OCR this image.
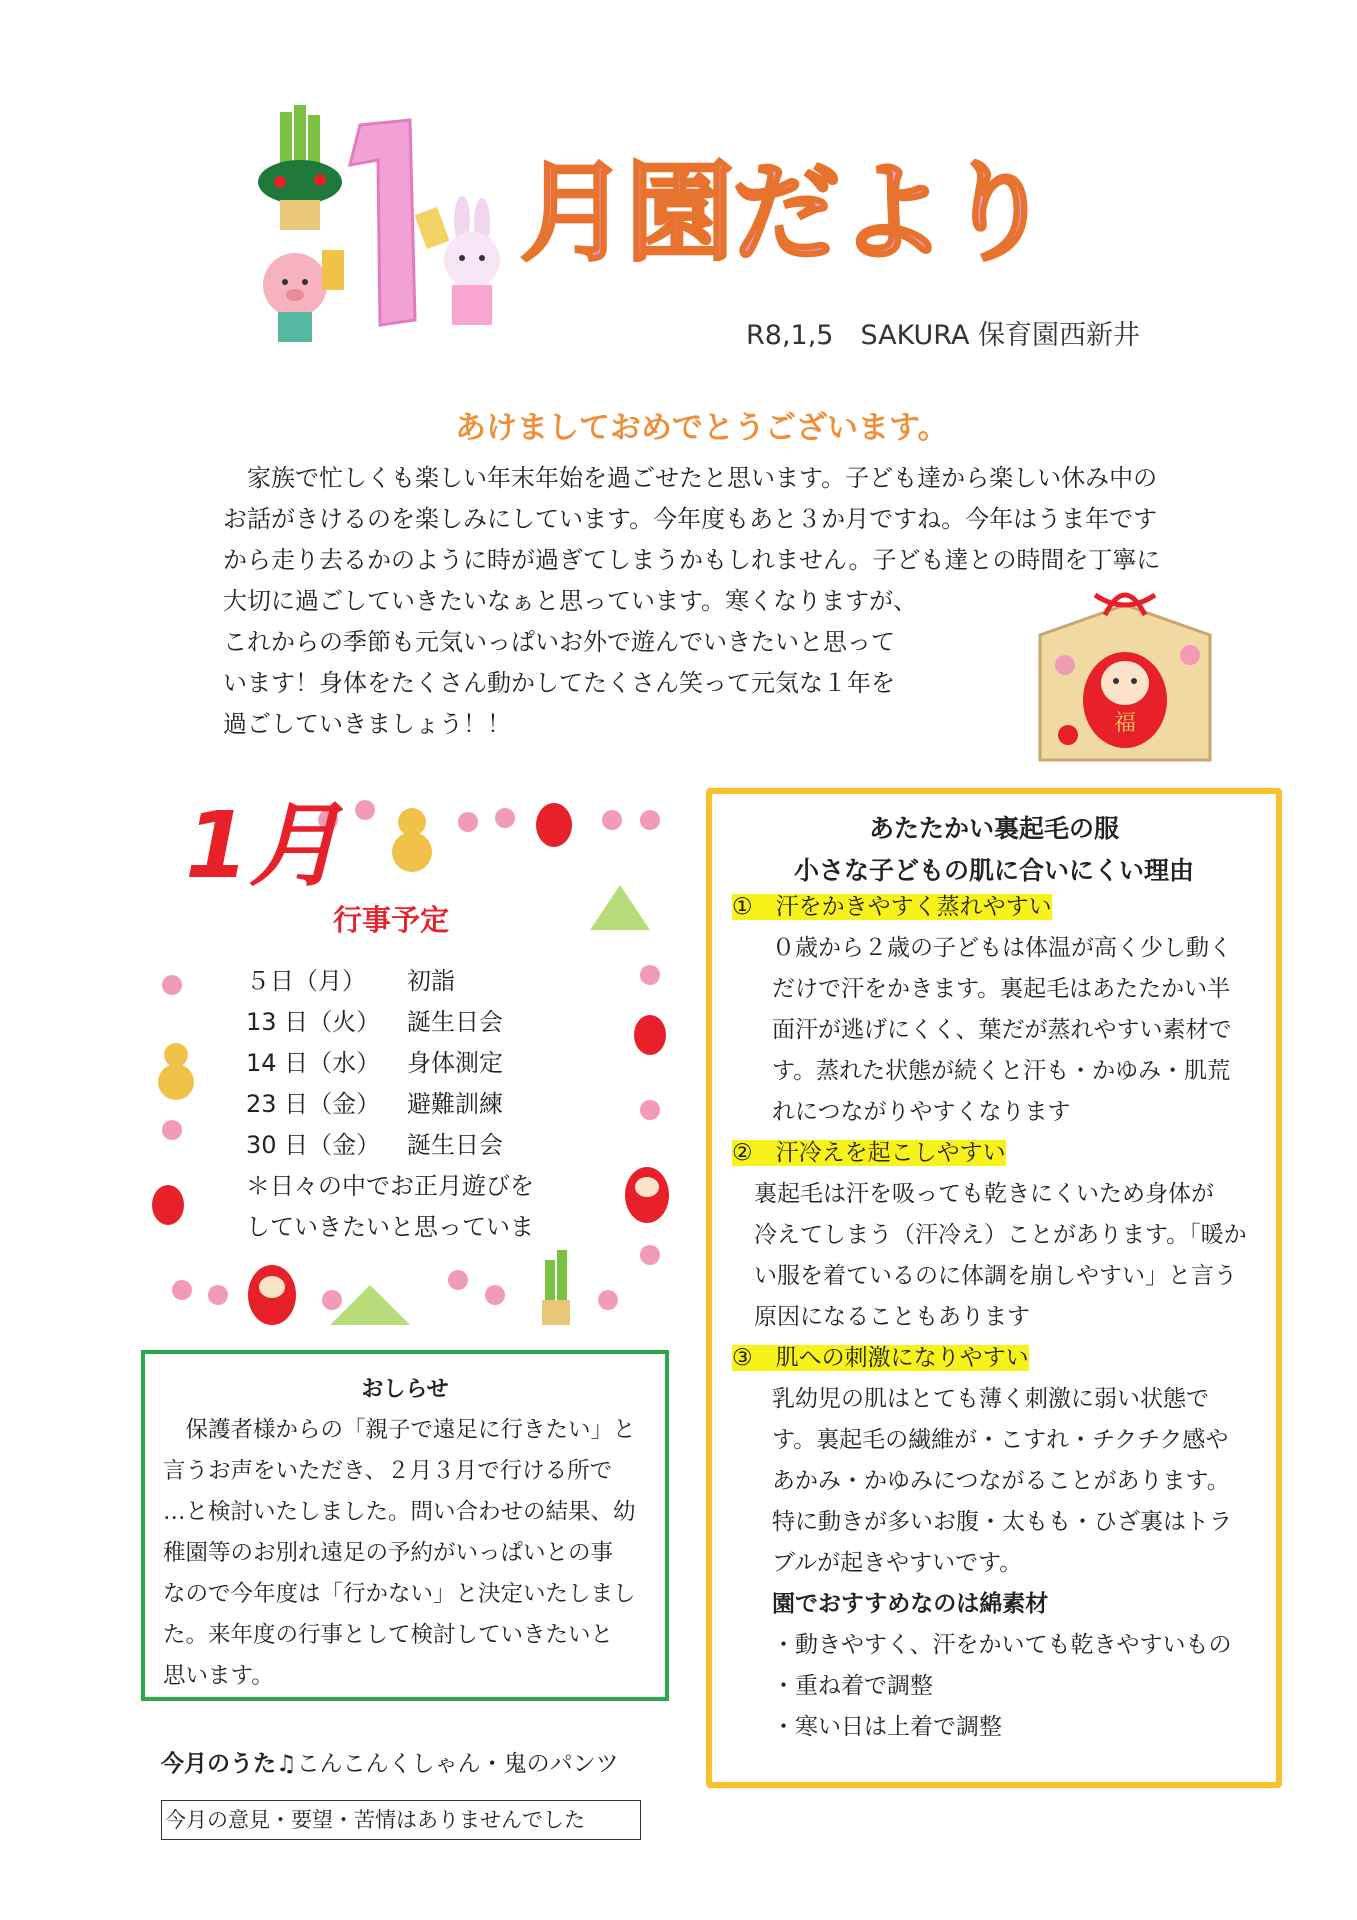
月園だより
R8,1,5　SAKURA 保育園西新井
あけましておめでとうございます。

　家族で忙しくも楽しい年末年始を過ごせたと思います。子ども達から楽しい休み中の

お話がきけるのを楽しみにしています。今年度もあと３か月ですね。今年はうま年です

から走り去るかのように時が過ぎてしまうかもしれません。子ども達との時間を丁寧に

大切に過ごしていきたいなぁと思っています。寒くなりますが、

これからの季節も元気いっぱいお外で遊んでいきたいと思って

います！身体をたくさん動かしてたくさん笑って元気な１年を

過ごしていきましょう！！	福
1月
行事予定
５日（月） 初詣
13 日（火） 誕生日会
14 日（水） 身体測定
23 日（金） 避難訓練
30 日（金） 誕生日会
＊日々の中でお正月遊びを
していきたいと思っていま
おしらせ

　保護者様からの「親子で遠足に行きたい」と

言うお声をいただき、２月３月で行ける所で

…と検討いたしました。問い合わせの結果、幼

稚園等のお別れ遠足の予約がいっぱいとの事

なので今年度は「行かない」と決定いたしまし

た。来年度の行事として検討していきたいと

思います。

あたたかい裏起毛の服
小さな子どもの肌に合いにくい理由
①　汗をかきやすく蒸れやすい
０歳から２歳の子どもは体温が高く少し動く
だけで汗をかきます。裏起毛はあたたかい半
面汗が逃げにくく、葉だが蒸れやすい素材で
す。蒸れた状態が続くと汗も・かゆみ・肌荒
れにつながりやすくなります
②　汗冷えを起こしやすい
裏起毛は汗を吸っても乾きにくいため身体が
冷えてしまう（汗冷え）ことがあります。「暖か
い服を着ているのに体調を崩しやすい」と言う
原因になることもあります
③　肌への刺激になりやすい
乳幼児の肌はとても薄く刺激に弱い状態で
す。裏起毛の繊維が・こすれ・チクチク感や
あかみ・かゆみにつながることがあります。
特に動きが多いお腹・太もも・ひざ裏はトラ
ブルが起きやすいです。
園でおすすめなのは綿素材
・動きやすく、汗をかいても乾きやすいもの
・重ね着で調整
・寒い日は上着で調整
今月のうた♫こんこんくしゃん・鬼のパンツ
今月の意見・要望・苦情はありませんでした
